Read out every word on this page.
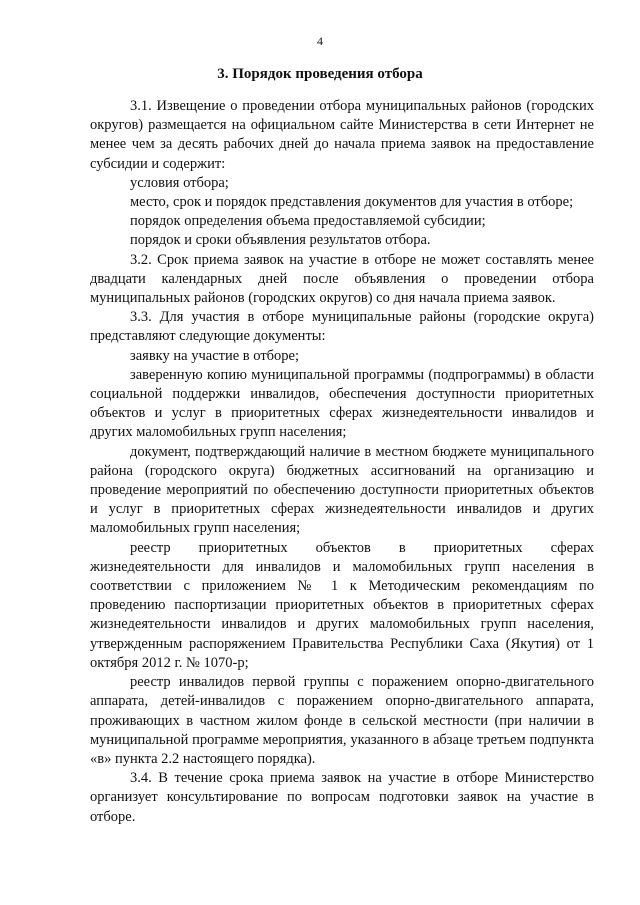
4
3. Порядок проведения отбора

3.1. Извещение о проведении отбора муниципальных районов (городских округов) размещается на официальном сайте Министерства в сети Интернет не менее чем за десять рабочих дней до начала приема заявок на предоставление субсидии и содержит:

условия отбора;

место, срок и порядок представления документов для участия в отборе;

порядок определения объема предоставляемой субсидии;

порядок и сроки объявления результатов отбора.

3.2. Срок приема заявок на участие в отборе не может составлять менее двадцати календарных дней после объявления о проведении отбора муниципальных районов (городских округов) со дня начала приема заявок.

3.3. Для участия в отборе муниципальные районы (городские округа) представляют следующие документы:

заявку на участие в отборе;

заверенную копию муниципальной программы (подпрограммы) в области социальной поддержки инвалидов, обеспечения доступности приоритетных объектов и услуг в приоритетных сферах жизнедеятельности инвалидов и других маломобильных групп населения;

документ, подтверждающий наличие в местном бюджете муниципального района (городского округа) бюджетных ассигнований на организацию и проведение мероприятий по обеспечению доступности приоритетных объектов и услуг в приоритетных сферах жизнедеятельности инвалидов и других маломобильных групп населения;

реестр приоритетных объектов в приоритетных сферах жизнедеятельности для инвалидов и маломобильных групп населения в соответствии с приложением № 1 к Методическим рекомендациям по проведению паспортизации приоритетных объектов в приоритетных сферах жизнедеятельности инвалидов и других маломобильных групп населения, утвержденным распоряжением Правительства Республики Саха (Якутия) от 1 октября 2012 г. № 1070-р;

реестр инвалидов первой группы с поражением опорно-двигательного аппарата, детей-инвалидов с поражением опорно-двигательного аппарата, проживающих в частном жилом фонде в сельской местности (при наличии в муниципальной программе мероприятия, указанного в абзаце третьем подпункта «в» пункта 2.2 настоящего порядка).

3.4. В течение срока приема заявок на участие в отборе Министерство организует консультирование по вопросам подготовки заявок на участие в отборе.
